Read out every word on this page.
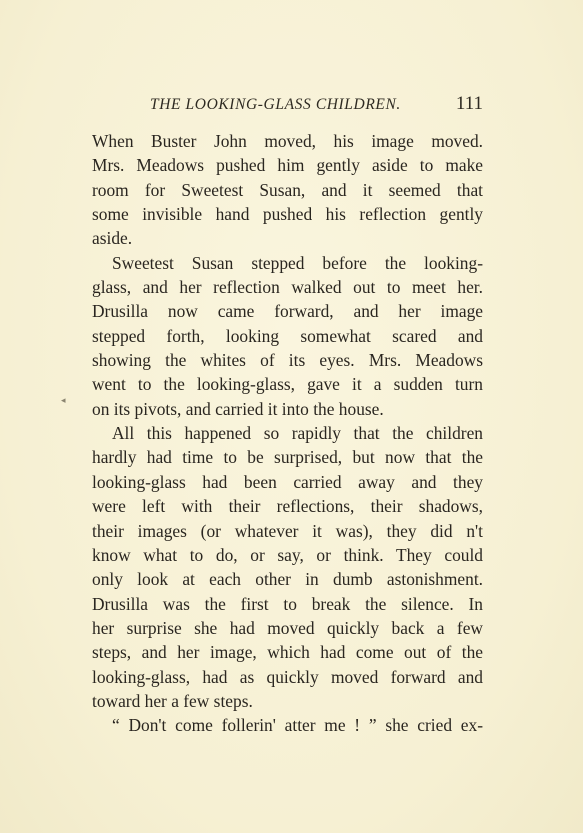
THE LOOKING-GLASS CHILDREN.	111
◂
When Buster John moved, his image moved.
Mrs. Meadows pushed him gently aside to make
room for Sweetest Susan, and it seemed that
some invisible hand pushed his reflection gently
aside.
Sweetest Susan stepped before the looking-
glass, and her reflection walked out to meet her.
Drusilla now came forward, and her image
stepped forth, looking somewhat scared and
showing the whites of its eyes. Mrs. Meadows
went to the looking-glass, gave it a sudden turn
on its pivots, and carried it into the house.
All this happened so rapidly that the children
hardly had time to be surprised, but now that the
looking-glass had been carried away and they
were left with their reflections, their shadows,
their images (or whatever it was), they did n't
know what to do, or say, or think. They could
only look at each other in dumb astonishment.
Drusilla was the first to break the silence. In
her surprise she had moved quickly back a few
steps, and her image, which had come out of the
looking-glass, had as quickly moved forward and
toward her a few steps.
“ Don't come follerin' atter me ! ” she cried ex-
